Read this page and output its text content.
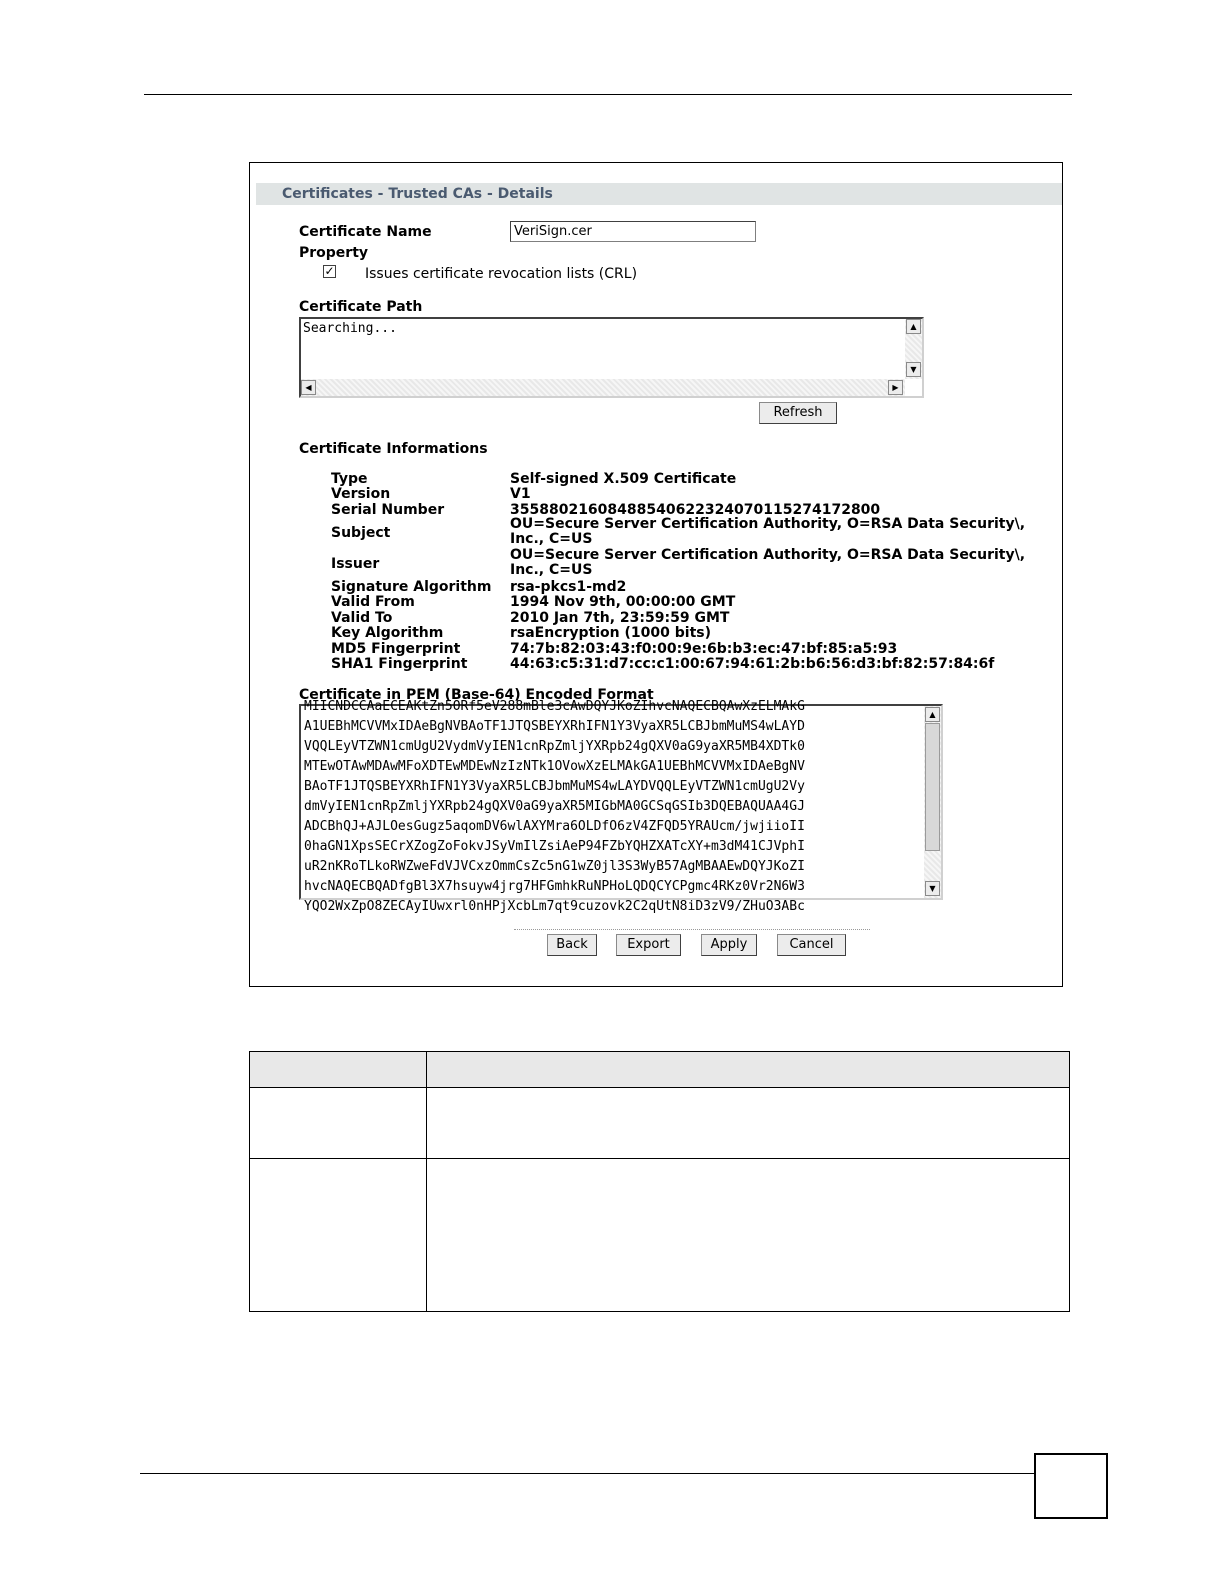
Certificates - Trusted CAs - Details
Certificate Name
VeriSign.cer
Property
✓ Issues certificate revocation lists (CRL)
Certificate Path
Searching...	▲
▼
◀	▶
Refresh
Certificate Informations
Type	Self-signed X.509 Certificate
Version	V1
Serial Number	35588021608488540622324070115274172800
Subject
OU=Secure Server Certification Authority, O=RSA Data Security\, Inc., C=US
Issuer
OU=Secure Server Certification Authority, O=RSA Data Security\, Inc., C=US
Signature Algorithm rsa-pkcs1-md2
Valid From	1994 Nov 9th, 00:00:00 GMT
Valid To	2010 Jan 7th, 23:59:59 GMT
Key Algorithm	rsaEncryption (1000 bits)
MD5 Fingerprint	74:7b:82:03:43:f0:00:9e:6b:b3:ec:47:bf:85:a5:93
SHA1 Fingerprint	44:63:c5:31:d7:cc:c1:00:67:94:61:2b:b6:56:d3:bf:82:57:84:6f
Certificate in PEM (Base-64) Encoded Format
MIICNDCCAaECEAKtZn5ORf5eV288mBle3cAwDQYJKoZIhvcNAQECBQAwXzELMAkG
A1UEBhMCVVMxIDAeBgNVBAoTF1JTQSBEYXRhIFN1Y3VyaXR5LCBJbmMuMS4wLAYD
VQQLEyVTZWN1cmUgU2VydmVyIEN1cnRpZmljYXRpb24gQXV0aG9yaXR5MB4XDTk0
MTEwOTAwMDAwMFoXDTEwMDEwNzIzNTk1OVowXzELMAkGA1UEBhMCVVMxIDAeBgNV
BAoTF1JTQSBEYXRhIFN1Y3VyaXR5LCBJbmMuMS4wLAYDVQQLEyVTZWN1cmUgU2Vy
dmVyIEN1cnRpZmljYXRpb24gQXV0aG9yaXR5MIGbMA0GCSqGSIb3DQEBAQUAA4GJ
ADCBhQJ+AJLOesGugz5aqomDV6wlAXYMra6OLDfO6zV4ZFQD5YRAUcm/jwjiioII
0haGN1XpsSECrXZogZoFokvJSyVmIlZsiAeP94FZbYQHZXATcXY+m3dM41CJVphI
uR2nKRoTLkoRWZweFdVJVCxzOmmCsZc5nG1wZ0jl3S3WyB57AgMBAAEwDQYJKoZI
hvcNAQECBQADfgBl3X7hsuyw4jrg7HFGmhkRuNPHoLQDQCYCPgmc4RKz0Vr2N6W3
YQO2WxZpO8ZECAyIUwxrl0nHPjXcbLm7qt9cuzovk2C2qUtN8iD3zV9/ZHuO3ABc
▲
▼
Back	Export	Apply	Cancel
